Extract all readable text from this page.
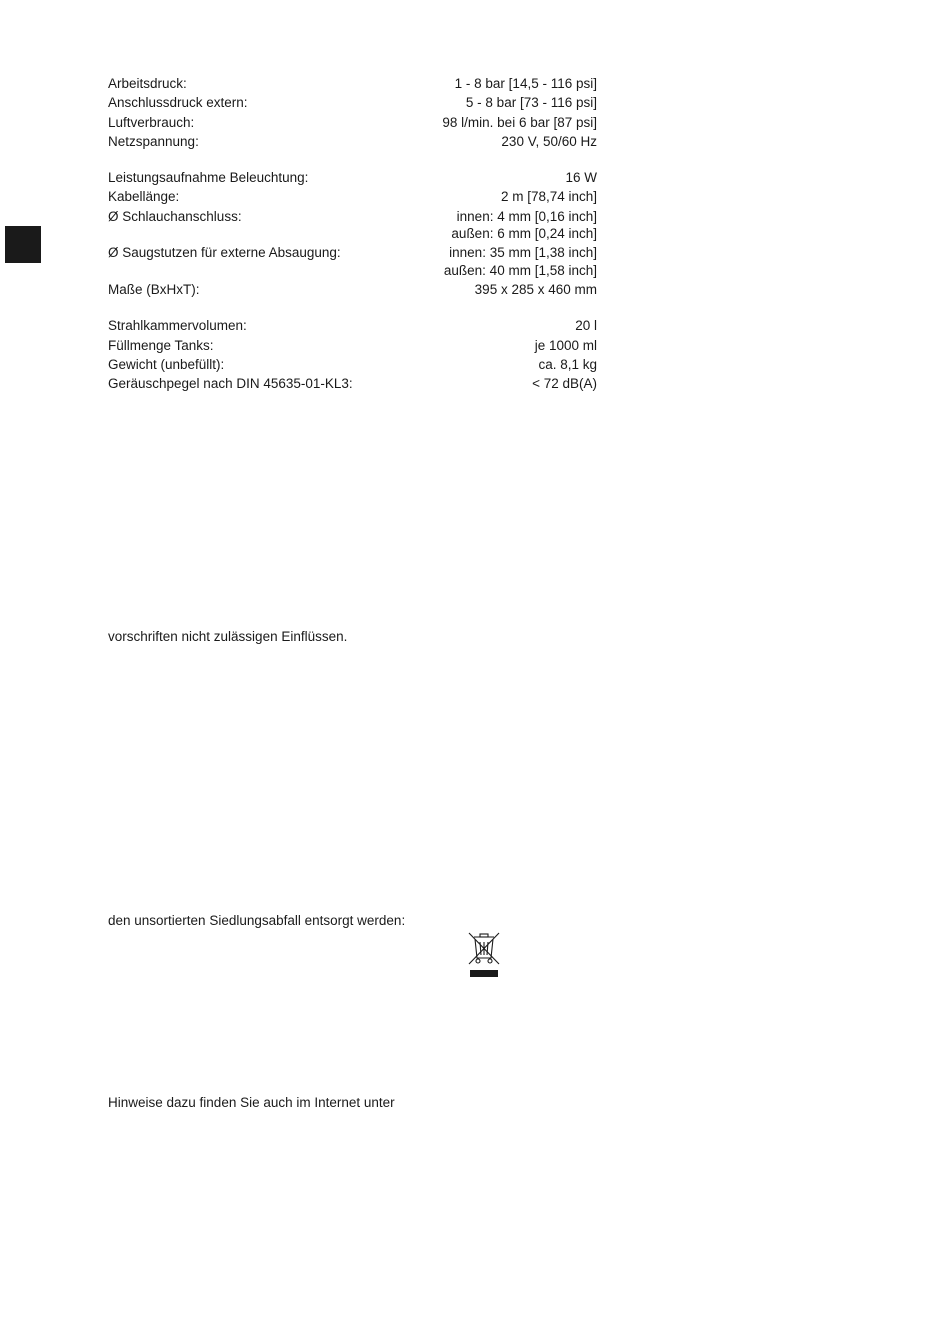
Arbeitsdruck:	1 - 8 bar [14,5 - 116 psi]
Anschlussdruck extern:	5 - 8 bar [73 - 116 psi]
Luftverbrauch:	98 l/min. bei 6 bar [87 psi]
Netzspannung:	230 V, 50/60 Hz
Leistungsaufnahme Beleuchtung:	16 W
Kabellänge:	2 m [78,74 inch]
Ø Schlauchanschluss:	innen: 4 mm [0,16 inch]
außen: 6 mm [0,24 inch]
Ø Saugstutzen für externe Absaugung:	innen: 35 mm [1,38 inch]
außen: 40 mm [1,58 inch]
Maße (BxHxT):	395 x 285 x 460 mm
Strahlkammervolumen:	20 l
Füllmenge Tanks:	je 1000 ml
Gewicht (unbefüllt):	ca. 8,1 kg
Geräuschpegel nach DIN 45635-01-KL3:	< 72 dB(A)
vorschriften nicht zulässigen Einflüssen.
den unsortierten Siedlungsabfall entsorgt werden:
Hinweise dazu finden Sie auch im Internet unter
